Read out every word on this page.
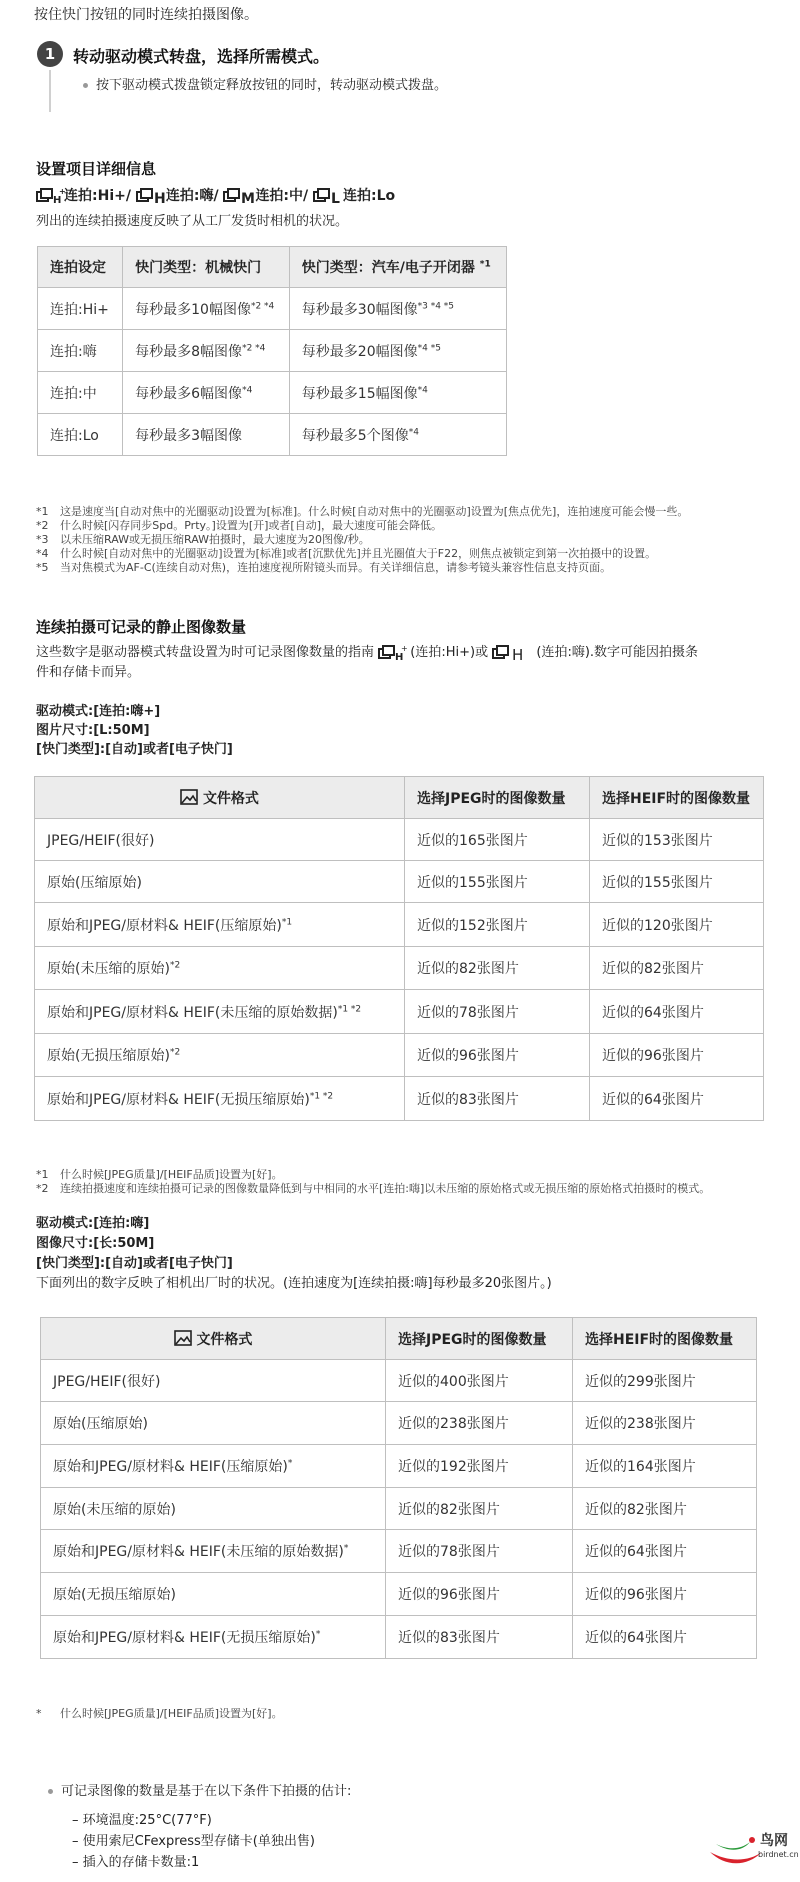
按住快门按钮的同时连续拍摄图像。
1	转动驱动模式转盘，选择所需模式。
按下驱动模式拨盘锁定释放按钮的同时，转动驱动模式拨盘。
设置项目详细信息
H
+
连拍:Hi+/ H 连拍:嗨/ M 连拍:中/ L 连拍:Lo
列出的连续拍摄速度反映了从工厂发货时相机的状况。
连拍设定	快门类型：机械快门	快门类型：汽车/电子开闭器 $^{*1}$
连拍:Hi+	每秒最多10幅图像$^{*2 *4}$	每秒最多30幅图像$^{*3 *4 *5}$
连拍:嗨	每秒最多8幅图像$^{*2 *4}$	每秒最多20幅图像$^{*4 *5}$
连拍:中	每秒最多6幅图像$^{*4}$	每秒最多15幅图像$^{*4}$
连拍:Lo	每秒最多3幅图像	每秒最多5个图像$^{*4}$
*1 这是速度当[自动对焦中的光圈驱动]设置为[标准]。什么时候[自动对焦中的光圈驱动]设置为[焦点优先]，连拍速度可能会慢一些。
*2 什么时候[闪存同步Spd。Prty。]设置为[开]或者[自动]，最大速度可能会降低。
*3 以未压缩RAW或无损压缩RAW拍摄时，最大速度为20图像/秒。
*4 什么时候[自动对焦中的光圈驱动]设置为[标准]或者[沉默优先]并且光圈值大于F22，则焦点被锁定到第一次拍摄中的设置。
*5 当对焦模式为AF-C(连续自动对焦)，连拍速度视所附镜头而异。有关详细信息，请参考镜头兼容性信息支持页面。
连续拍摄可记录的静止图像数量
这些数字是驱动器模式转盘设置为时可记录图像数量的指南 H
+ (连拍:Hi+)或 H (连拍:嗨).数字可能因拍摄条
件和存储卡而异。
驱动模式:[连拍:嗨+]
图片尺寸:[L:50M]
[快门类型]:[自动]或者[电子快门]
文件格式	选择JPEG时的图像数量	选择HEIF时的图像数量
JPEG/HEIF(很好)	近似的165张图片	近似的153张图片
原始(压缩原始)	近似的155张图片	近似的155张图片
原始和JPEG/原材料& HEIF(压缩原始)$^{*1}$	近似的152张图片	近似的120张图片
原始(未压缩的原始)$^{*2}$	近似的82张图片	近似的82张图片
原始和JPEG/原材料& HEIF(未压缩的原始数据)$^{*1 *2}$	近似的78张图片	近似的64张图片
原始(无损压缩原始)$^{*2}$	近似的96张图片	近似的96张图片
原始和JPEG/原材料& HEIF(无损压缩原始)$^{*1 *2}$	近似的83张图片	近似的64张图片
*1 什么时候[JPEG质量]/[HEIF品质]设置为[好]。
*2 连续拍摄速度和连续拍摄可记录的图像数量降低到与中相同的水平[连拍:嗨]以未压缩的原始格式或无损压缩的原始格式拍摄时的模式。
驱动模式:[连拍:嗨]
图像尺寸:[长:50M]
[快门类型]:[自动]或者[电子快门]
下面列出的数字反映了相机出厂时的状况。(连拍速度为[连续拍摄:嗨]每秒最多20张图片。)
文件格式	选择JPEG时的图像数量	选择HEIF时的图像数量
JPEG/HEIF(很好)	近似的400张图片	近似的299张图片
原始(压缩原始)	近似的238张图片	近似的238张图片
原始和JPEG/原材料& HEIF(压缩原始)*	近似的192张图片	近似的164张图片
原始(未压缩的原始)	近似的82张图片	近似的82张图片
原始和JPEG/原材料& HEIF(未压缩的原始数据)*	近似的78张图片	近似的64张图片
原始(无损压缩原始)	近似的96张图片	近似的96张图片
原始和JPEG/原材料& HEIF(无损压缩原始)*	近似的83张图片	近似的64张图片
* 什么时候[JPEG质量]/[HEIF品质]设置为[好]。
可记录图像的数量是基于在以下条件下拍摄的估计:
– 环境温度:25°C(77°F)
– 使用索尼CFexpress型存储卡(单独出售)
– 插入的存储卡数量:1
鸟网
birdnet.cn
